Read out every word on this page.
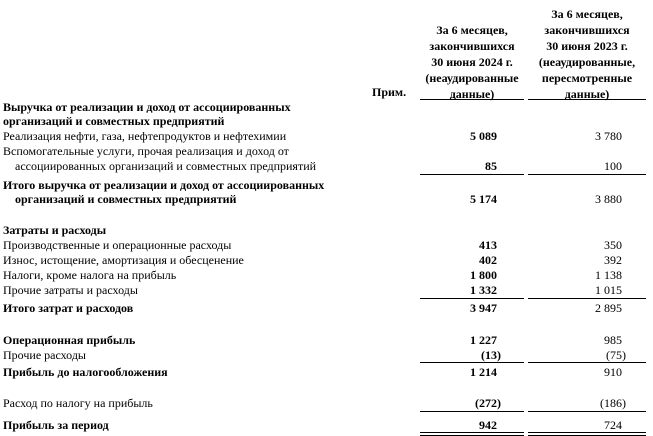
За 6 месяцев,
закончившихся
30 июня 2024 г.
(неаудированные
данные)
За 6 месяцев,
закончившихся
30 июня 2023 г.
(неаудированные,
пересмотренные
данные)
Прим.
Выручка от реализации и доход от ассоциированных
организаций и совместных предприятий
Реализация нефти, газа, нефтепродуктов и нефтехимии	5 089	3 780
Вспомогательные услуги, прочая реализация и доход от
ассоциированных организаций и совместных предприятий	85	100
Итого выручка от реализации и доход от ассоциированных
организаций и совместных предприятий	5 174	3 880
Затраты и расходы
Производственные и операционные расходы	413	350
Износ, истощение, амортизация и обесценение	402	392
Налоги, кроме налога на прибыль	1 800	1 138
Прочие затраты и расходы	1 332	1 015
Итого затрат и расходов	3 947	2 895
Операционная прибыль	1 227	985
Прочие расходы	(13)	(75)
Прибыль до налогообложения	1 214	910
Расход по налогу на прибыль	(272)	(186)
Прибыль за период	942	724
